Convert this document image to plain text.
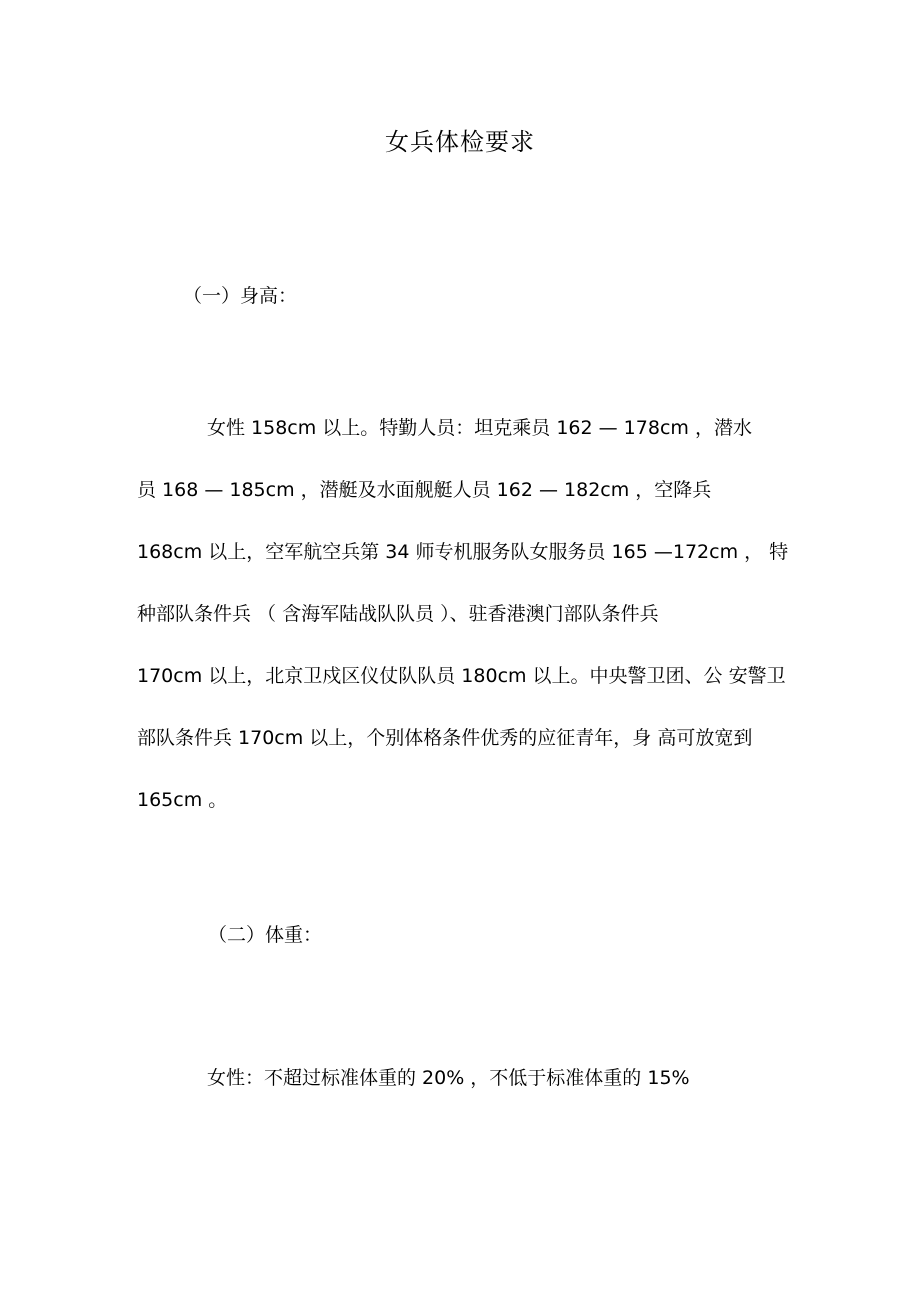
女兵体检要求
（一）身高：
女性 158cm 以上。特勤人员：坦克乘员 162 — 178cm ，潜水
员 168 — 185cm ，潜艇及水面舰艇人员 162 — 182cm ，空降兵
168cm 以上，空军航空兵第 34 师专机服务队女服务员 165 —172cm ， 特
种部队条件兵 （ 含海军陆战队队员 ）、驻香港澳门部队条件兵
170cm 以上，北京卫戍区仪仗队队员 180cm 以上。中央警卫团、公 安警卫
部队条件兵 170cm 以上，个别体格条件优秀的应征青年，身 高可放宽到
165cm 。
（二）体重：
女性：不超过标准体重的 20% ，不低于标准体重的 15%
